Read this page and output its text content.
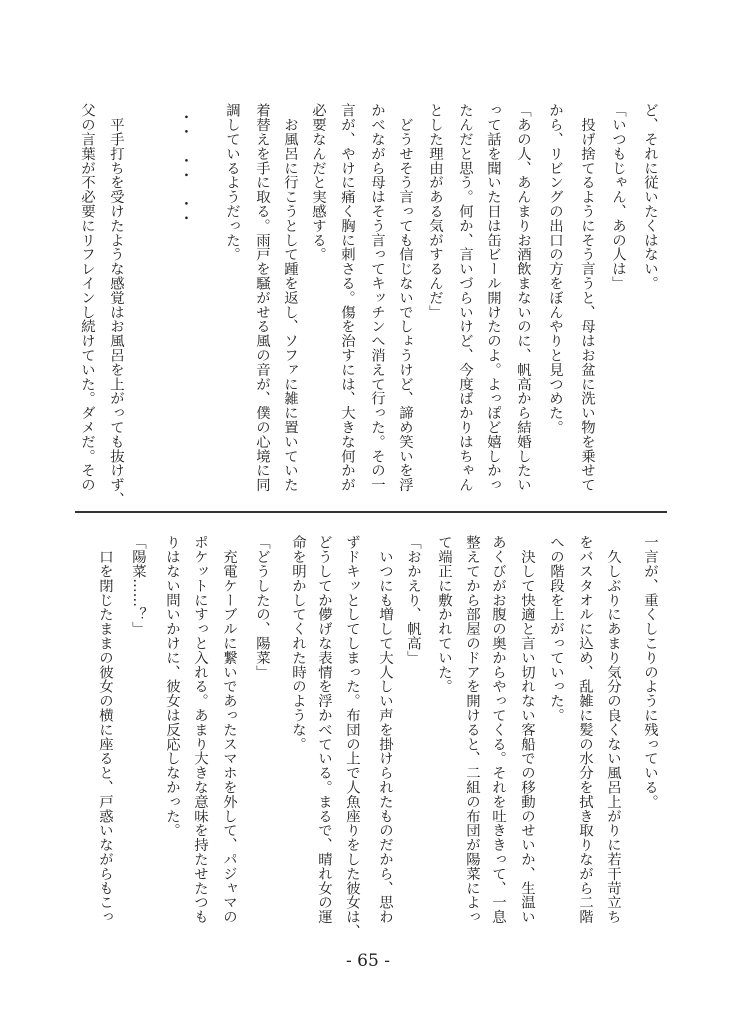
ど、それに従いたくはない。
「いつもじゃん、あの人は」
　投げ捨てるようにそう言うと、母はお盆に洗い物を乗せて
から、リビングの出口の方をぼんやりと見つめた。
「あの人、あんまりお酒飲まないのに、帆高から結婚したい
って話を聞いた日は缶ビール開けたのよ。よっぽど嬉しかっ
たんだと思う。何か、言いづらいけど、今度ばかりはちゃん
とした理由がある気がするんだ」
　どうせそう言っても信じないでしょうけど、諦め笑いを浮
かべながら母はそう言ってキッチンへ消えて行った。その一
言が、やけに痛く胸に刺さる。傷を治すには、大きな何かが
必要なんだと実感する。
　お風呂に行こうとして踵を返し、ソファに雑に置いていた
着替えを手に取る。雨戸を騒がせる風の音が、僕の心境に同
調しているようだった。
・・　・・　・・
　平手打ちを受けたような感覚はお風呂を上がっても抜けず、
父の言葉が不必要にリフレインし続けていた。ダメだ。その
一言が、重くしこりのように残っている。
　久しぶりにあまり気分の良くない風呂上がりに若干苛立ち
をバスタオルに込め、乱雑に髪の水分を拭き取りながら二階
への階段を上がっていった。
　決して快適と言い切れない客船での移動のせいか、生温い
あくびがお腹の奥からやってくる。それを吐ききって、一息
整えてから部屋のドアを開けると、二組の布団が陽菜によっ
て端正に敷かれていた。
「おかえり、帆高」
　いつにも増して大人しい声を掛けられたものだから、思わ
ずドキッとしてしまった。布団の上で人魚座りをした彼女は、
どうしてか儚げな表情を浮かべている。まるで、晴れ女の運
命を明かしてくれた時のような。
「どうしたの、陽菜」
　充電ケーブルに繋いであったスマホを外して、パジャマの
ポケットにすっと入れる。あまり大きな意味を持たせたつも
りはない問いかけに、彼女は反応しなかった。
「陽菜……？」
　口を閉じたままの彼女の横に座ると、戸惑いながらもこっ
- 65 -
